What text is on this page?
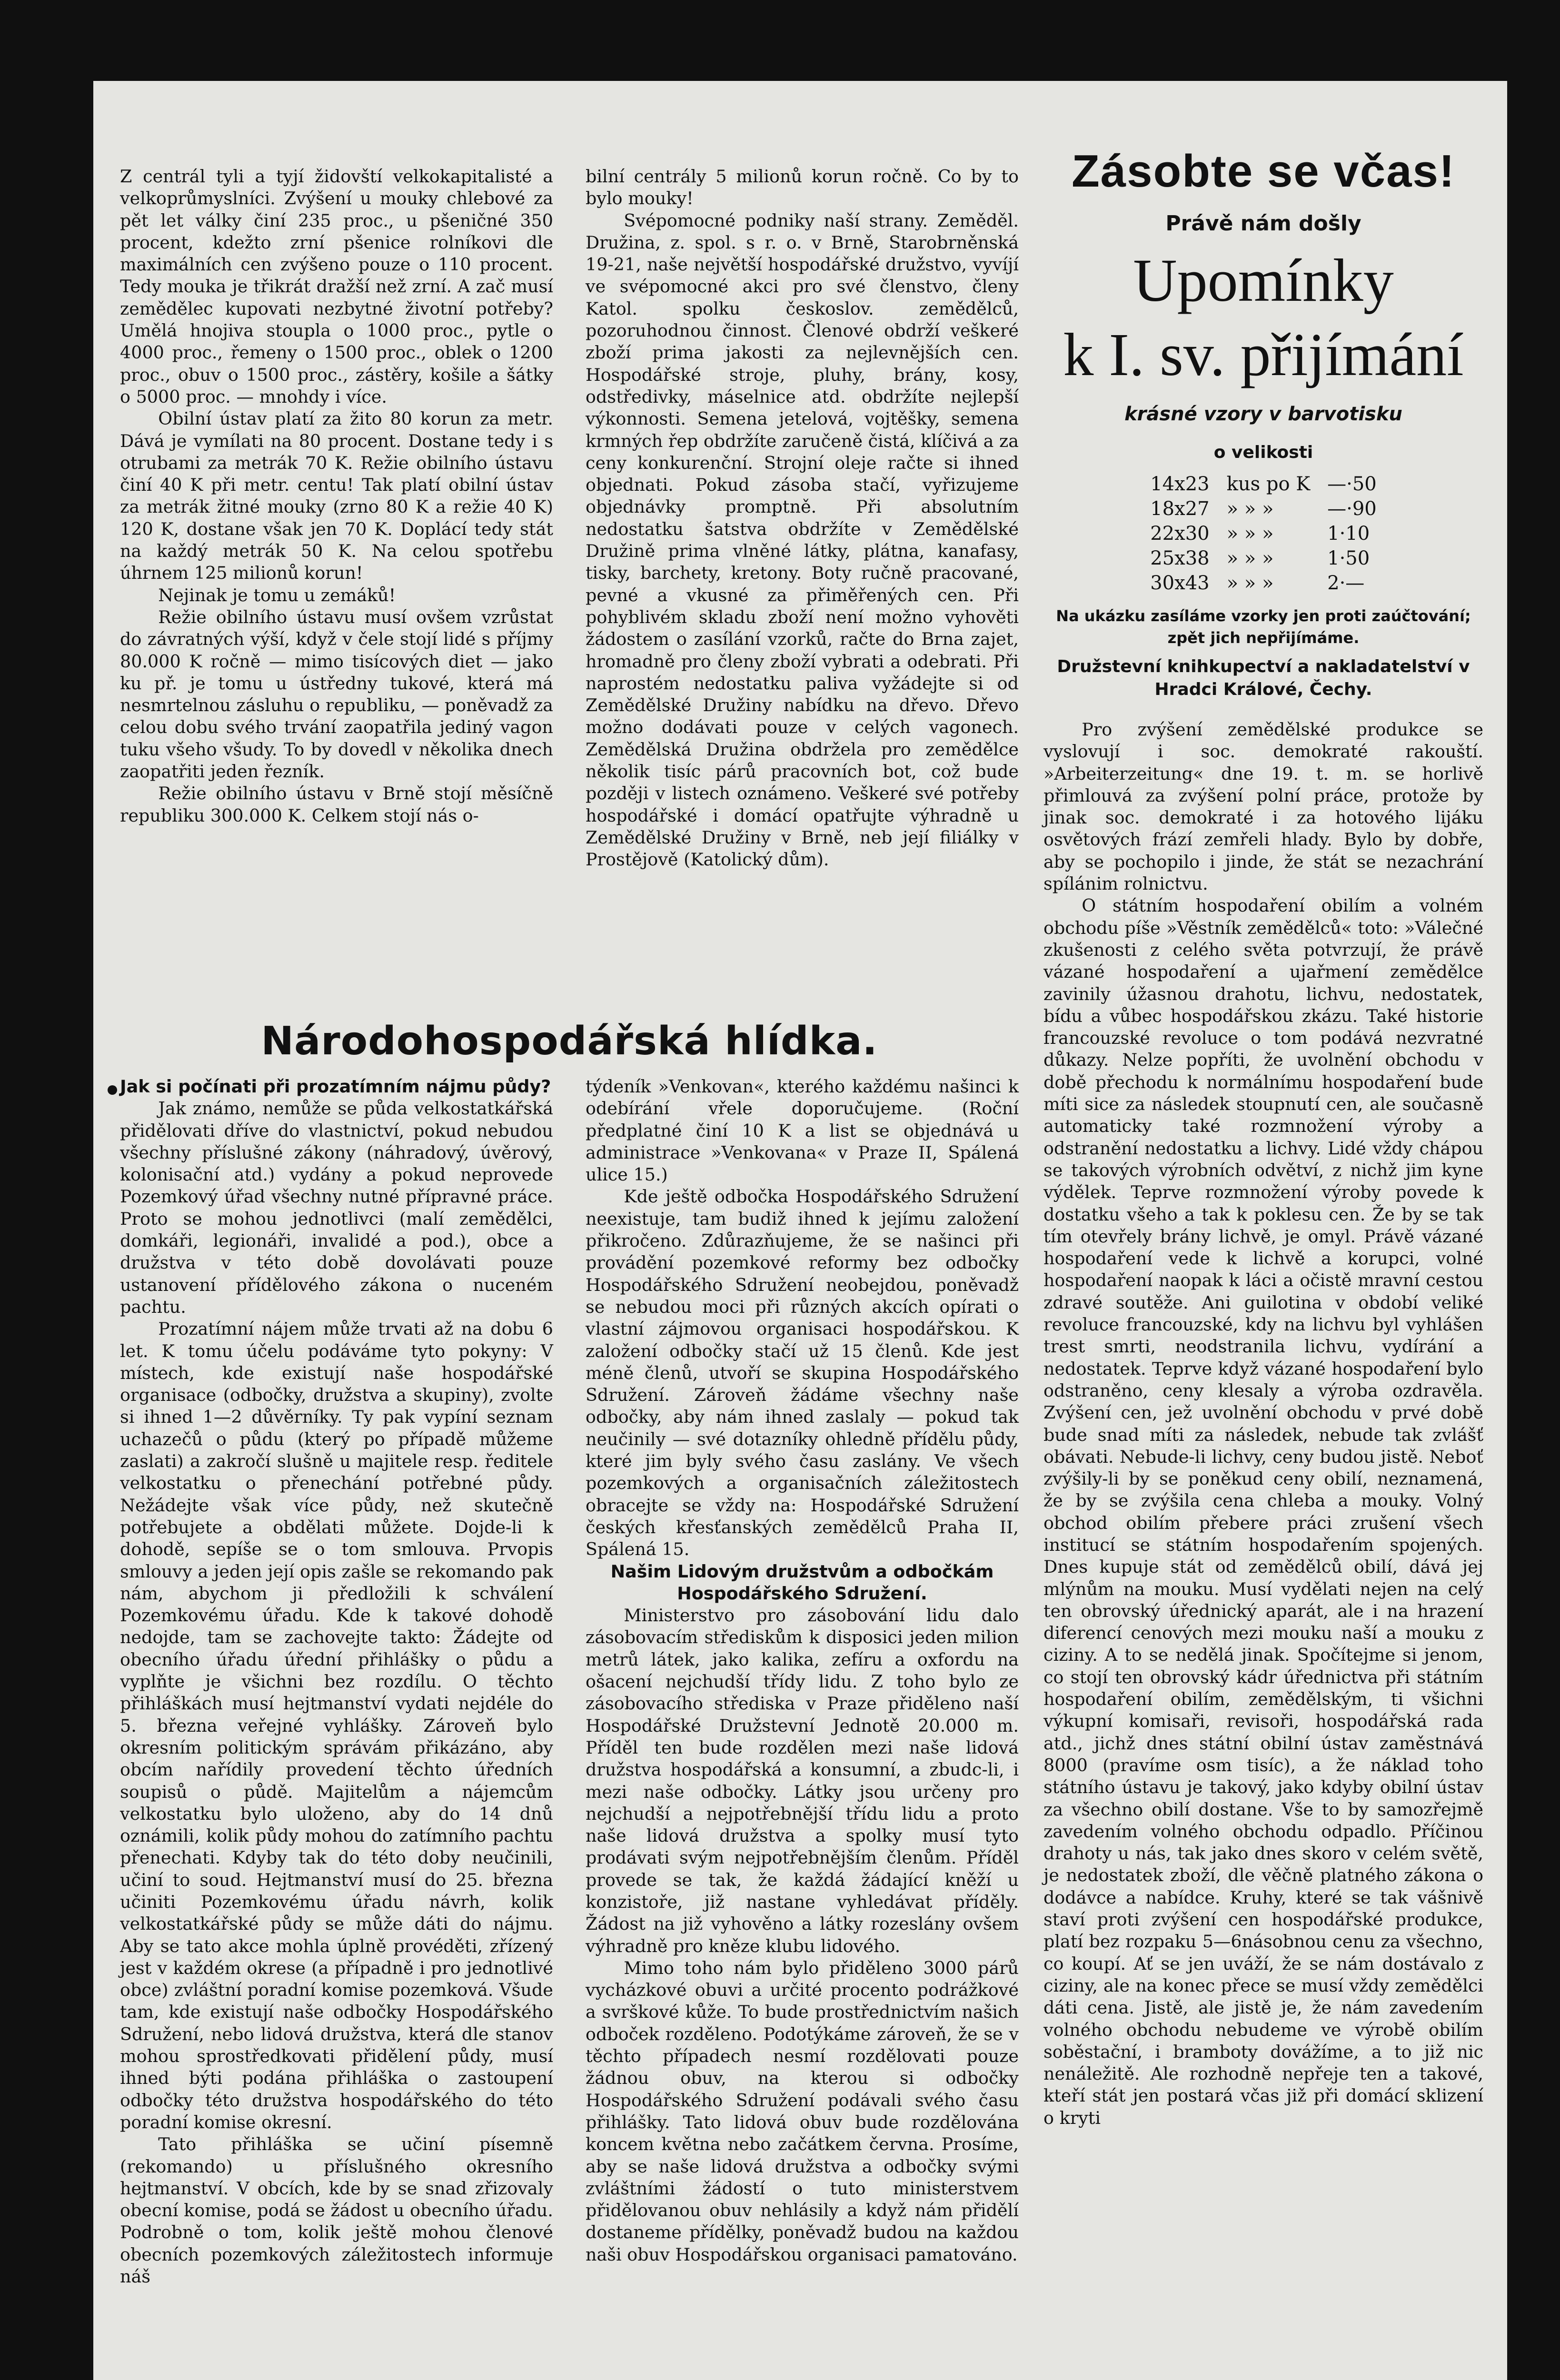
Z centrál tyli a tyjí židovští velkokapitalisté a velkoprůmyslníci. Zvýšení u mouky chlebové za pět let války činí 235 proc., u pšeničné 350 procent, kdežto zrní pšenice rolníkovi dle maximálních cen zvýšeno pouze o 110 procent. Tedy mouka je třikrát dražší než zrní. A zač musí zemědělec kupovati nezbytné životní potřeby? Umělá hnojiva stoupla o 1000 proc., pytle o 4000 proc., řemeny o 1500 proc., oblek o 1200 proc., obuv o 1500 proc., zástěry, košile a šátky o 5000 proc. — mnohdy i více.

Obilní ústav platí za žito 80 korun za metr. Dává je vymílati na 80 procent. Dostane tedy i s otrubami za metrák 70 K. Režie obilního ústavu činí 40 K při metr. centu! Tak platí obilní ústav za metrák žitné mouky (zrno 80 K a režie 40 K) 120 K, dostane však jen 70 K. Doplácí tedy stát na každý metrák 50 K. Na celou spotřebu úhrnem 125 milionů korun!

Nejinak je tomu u zemáků!

Režie obilního ústavu musí ovšem vzrůstat do závratných výší, když v čele stojí lidé s příjmy 80.000 K ročně — mimo tisícových diet — jako ku př. je tomu u ústředny tukové, která má nesmrtelnou zásluhu o republiku, — poněvadž za celou dobu svého trvání zaopatřila jediný vagon tuku všeho všudy. To by dovedl v několika dnech zaopatřiti jeden řezník.

Režie obilního ústavu v Brně stojí měsíčně republiku 300.000 K. Celkem stojí nás o-

bilní centrály 5 milionů korun ročně. Co by to bylo mouky!

Svépomocné podniky naší strany. Zeměděl. Družina, z. spol. s r. o. v Brně, Starobrněnská 19-21, naše největší hospodářské družstvo, vyvíjí ve svépomocné akci pro své členstvo, členy Katol. spolku českoslov. zemědělců, pozoruhodnou činnost. Členové obdrží veškeré zboží prima jakosti za nejlevnějších cen. Hospodářské stroje, pluhy, brány, kosy, odstředivky, máselnice atd. obdržíte nejlepší výkonnosti. Semena jetelová, vojtěšky, semena krmných řep obdržíte zaručeně čistá, klíčivá a za ceny konkurenční. Strojní oleje račte si ihned objednati. Pokud zásoba stačí, vyřizujeme objednávky promptně. Při absolutním nedostatku šatstva obdržíte v Zemědělské Družině prima vlněné látky, plátna, kanafasy, tisky, barchety, kretony. Boty ručně pracované, pevné a vkusné za přiměřených cen. Při pohyblivém skladu zboží není možno vyhověti žádostem o zasílání vzorků, račte do Brna zajet, hromadně pro členy zboží vybrati a odebrati. Při naprostém nedostatku paliva vyžádejte si od Zemědělské Družiny nabídku na dřevo. Dřevo možno dodávati pouze v celých vagonech. Zemědělská Družina obdržela pro zemědělce několik tisíc párů pracovních bot, což bude později v listech oznámeno. Veškeré své potřeby hospodářské i domácí opatřujte výhradně u Zemědělské Družiny v Brně, neb její filiálky v Prostějově (Katolický dům).

Zásobte se včas!
Právě nám došly
Upomínky
k I. sv. přijímání
krásné vzory v barvotisku
o velikosti
14x23	kus po K	—·50
18x27	» » »	—·90
22x30	» » »	1·10
25x38	» » »	1·50
30x43	» » »	2·—
Na ukázku zasíláme vzorky jen proti zaúčtování; zpět jich nepřijímáme.
Družstevní knihkupectví a nakladatelství v Hradci Králové, Čechy.

Pro zvýšení zemědělské produkce se vyslovují i soc. demokraté rakouští. »Arbeiterzeitung« dne 19. t. m. se horlivě přimlouvá za zvýšení polní práce, protože by jinak soc. demokraté i za hotového lijáku osvětových frází zemřeli hlady. Bylo by dobře, aby se pochopilo i jinde, že stát se nezachrání spílánim rolnictvu.

O státním hospodaření obilím a volném obchodu píše »Věstník zemědělců« toto: »Válečné zkušenosti z celého světa potvrzují, že právě vázané hospodaření a ujařmení zemědělce zavinily úžasnou drahotu, lichvu, nedostatek, bídu a vůbec hospodářskou zkázu. Také historie francouzské revoluce o tom podává nezvratné důkazy. Nelze popříti, že uvolnění obchodu v době přechodu k normálnímu hospodaření bude míti sice za následek stoupnutí cen, ale současně automaticky také rozmnožení výroby a odstranění nedostatku a lichvy. Lidé vždy chápou se takových výrobních odvětví, z nichž jim kyne výdělek. Teprve rozmnožení výroby povede k dostatku všeho a tak k poklesu cen. Že by se tak tím otevřely brány lichvě, je omyl. Právě vázané hospodaření vede k lichvě a korupci, volné hospodaření naopak k láci a očistě mravní cestou zdravé soutěže. Ani guilotina v období veliké revoluce francouzské, kdy na lichvu byl vyhlášen trest smrti, neodstranila lichvu, vydírání a nedostatek. Teprve když vázané hospodaření bylo odstraněno, ceny klesaly a výroba ozdravěla. Zvýšení cen, jež uvolnění obchodu v prvé době bude snad míti za následek, nebude tak zvlášť obávati. Nebude-li lichvy, ceny budou jistě. Neboť zvýšily-li by se poněkud ceny obilí, neznamená, že by se zvýšila cena chleba a mouky. Volný obchod obilím přebere práci zrušení všech institucí se státním hospodařením spojených. Dnes kupuje stát od zemědělců obilí, dává jej mlýnům na mouku. Musí vydělati nejen na celý ten obrovský úřednický aparát, ale i na hrazení diferencí cenových mezi mouku naší a mouku z ciziny. A to se nedělá jinak. Spočítejme si jenom, co stojí ten obrovský kádr úřednictva při státním hospodaření obilím, zemědělským, ti všichni výkupní komisaři, revisoři, hospodářská rada atd., jichž dnes státní obilní ústav zaměstnává 8000 (pravíme osm tisíc), a že náklad toho státního ústavu je takový, jako kdyby obilní ústav za všechno obilí dostane. Vše to by samozřejmě zavedením volného obchodu odpadlo. Příčinou drahoty u nás, tak jako dnes skoro v celém světě, je nedostatek zboží, dle věčně platného zákona o dodávce a nabídce. Kruhy, které se tak vášnivě staví proti zvýšení cen hospodářské produkce, platí bez rozpaku 5—6násobnou cenu za všechno, co koupí. Ať se jen uváží, že se nám dostávalo z ciziny, ale na konec přece se musí vždy zemědělci dáti cena. Jistě, ale jistě je, že nám zavedením volného obchodu nebudeme ve výrobě obilím soběstační, i bramboty dovážíme, a to již nic nenáležitě. Ale rozhodně nepřeje ten a takové, kteří stát jen postará včas již při domácí sklizení o kryti

Národohospodářská hlídka.

Jak si počínati při prozatímním nájmu půdy?

Jak známo, nemůže se půda velkostatkářská přidělovati dříve do vlastnictví, pokud nebudou všechny příslušné zákony (náhradový, úvěrový, kolonisační atd.) vydány a pokud neprovede Pozemkový úřad všechny nutné přípravné práce. Proto se mohou jednotlivci (malí zemědělci, domkáři, legionáři, invalidé a pod.), obce a družstva v této době dovolávati pouze ustanovení přídělového zákona o nuceném pachtu.

Prozatímní nájem může trvati až na dobu 6 let. K tomu účelu podáváme tyto pokyny: V místech, kde existují naše hospodářské organisace (odbočky, družstva a skupiny), zvolte si ihned 1—2 důvěrníky. Ty pak vypíní seznam uchazečů o půdu (který po případě můžeme zaslati) a zakročí slušně u majitele resp. ředitele velkostatku o přenechání potřebné půdy. Nežádejte však více půdy, než skutečně potřebujete a obdělati můžete. Dojde-li k dohodě, sepíše se o tom smlouva. Prvopis smlouvy a jeden její opis zašle se rekomando pak nám, abychom ji předložili k schválení Pozemkovému úřadu. Kde k takové dohodě nedojde, tam se zachovejte takto: Žádejte od obecního úřadu úřední přihlášky o půdu a vyplňte je všichni bez rozdílu. O těchto přihláškách musí hejtmanství vydati nejdéle do 5. března veřejné vyhlášky. Zároveň bylo okresním politickým správám přikázáno, aby obcím nařídily provedení těchto úředních soupisů o půdě. Majitelům a nájemcům velkostatku bylo uloženo, aby do 14 dnů oznámili, kolik půdy mohou do zatímního pachtu přenechati. Kdyby tak do této doby neučinili, učiní to soud. Hejtmanství musí do 25. března učiniti Pozemkovému úřadu návrh, kolik velkostatkářské půdy se může dáti do nájmu. Aby se tato akce mohla úplně provéděti, zřízený jest v každém okrese (a případně i pro jednotlivé obce) zvláštní poradní komise pozemková. Všude tam, kde existují naše odbočky Hospodářského Sdružení, nebo lidová družstva, která dle stanov mohou sprostředkovati přidělení půdy, musí ihned býti podána přihláška o zastoupení odbočky této družstva hospodářského do této poradní komise okresní.

Tato přihláška se učiní písemně (rekomando) u příslušného okresního hejtmanství. V obcích, kde by se snad zřizovaly obecní komise, podá se žádost u obecního úřadu. Podrobně o tom, kolik ještě mohou členové obecních pozemkových záležitostech informuje náš

týdeník »Venkovan«, kterého každému našinci k odebírání vřele doporučujeme. (Roční předplatné činí 10 K a list se objednává u administrace »Venkovana« v Praze II, Spálená ulice 15.)

Kde ještě odbočka Hospodářského Sdružení neexistuje, tam budiž ihned k jejímu založení přikročeno. Zdůrazňujeme, že se našinci při provádění pozemkové reformy bez odbočky Hospodářského Sdružení neobejdou, poněvadž se nebudou moci při různých akcích opírati o vlastní zájmovou organisaci hospodářskou. K založení odbočky stačí už 15 členů. Kde jest méně členů, utvoří se skupina Hospodářského Sdružení. Zároveň žádáme všechny naše odbočky, aby nám ihned zaslaly — pokud tak neučinily — své dotazníky ohledně přídělu půdy, které jim byly svého času zaslány. Ve všech pozemkových a organisačních záležitostech obracejte se vždy na: Hospodářské Sdružení českých křesťanských zemědělců Praha II, Spálená 15.

Našim Lidovým družstvům a odbočkám Hospodářského Sdružení.

Ministerstvo pro zásobování lidu dalo zásobovacím střediskům k disposici jeden milion metrů látek, jako kalika, zefíru a oxfordu na ošacení nejchudší třídy lidu. Z toho bylo ze zásobovacího střediska v Praze přiděleno naší Hospodářské Družstevní Jednotě 20.000 m. Příděl ten bude rozdělen mezi naše lidová družstva hospodářská a konsumní, a zbudc-li, i mezi naše odbočky. Látky jsou určeny pro nejchudší a nejpotřebnější třídu lidu a proto naše lidová družstva a spolky musí tyto prodávati svým nejpotřebnějším členům. Příděl provede se tak, že každá žádající kněží u konzistoře, již nastane vyhledávat příděly. Žádost na již vyhověno a látky rozeslány ovšem výhradně pro kněze klubu lidového.

Mimo toho nám bylo přiděleno 3000 párů vycházkové obuvi a určité procento podrážkové a svrškové kůže. To bude prostřednictvím našich odboček rozděleno. Podotýkáme zároveň, že se v těchto případech nesmí rozdělovati pouze žádnou obuv, na kterou si odbočky Hospodářského Sdružení podávali svého času přihlášky. Tato lidová obuv bude rozdělována koncem května nebo začátkem června. Prosíme, aby se naše lidová družstva a odbočky svými zvláštními žádostí o tuto ministerstvem přidělovanou obuv nehlásily a když nám přidělí dostaneme přídělky, poněvadž budou na každou naši obuv Hospodářskou organisaci pamatováno.
